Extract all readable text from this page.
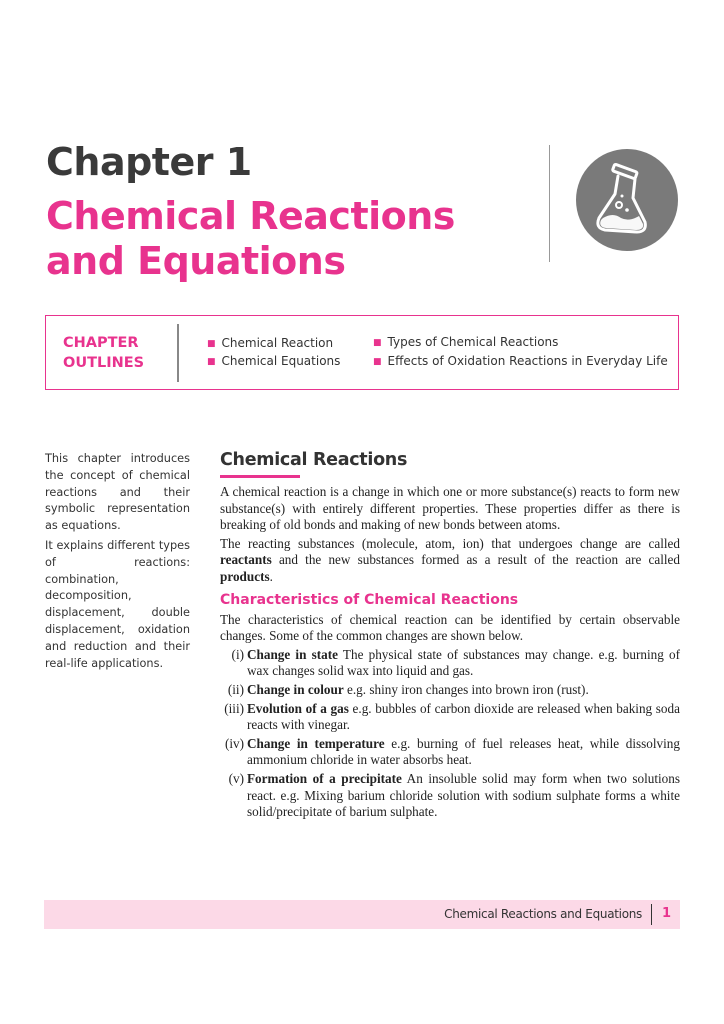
Chapter 1
Chemical Reactions and Equations
CHAPTER
OUTLINES
■ Chemical Reaction
■ Chemical Equations
■ Types of Chemical Reactions
■ Effects of Oxidation Reactions in Everyday Life

This chapter introduces the concept of chemical reactions and their symbolic representation as equations.

It explains different types of reactions: combination, decomposition, displacement, double displacement, oxidation and reduction and their real-life applications.

Chemical Reactions

A chemical reaction is a change in which one or more substance(s) reacts to form new substance(s) with entirely different properties. These properties differ as there is breaking of old bonds and making of new bonds between atoms.

The reacting substances (molecule, atom, ion) that undergoes change are called reactants and the new substances formed as a result of the reaction are called products.

Characteristics of Chemical Reactions

The characteristics of chemical reaction can be identified by certain observable changes. Some of the common changes are shown below.

(i) Change in state The physical state of substances may change. e.g. burning of wax changes solid wax into liquid and gas.
(ii) Change in colour e.g. shiny iron changes into brown iron (rust).
(iii) Evolution of a gas e.g. bubbles of carbon dioxide are released when baking soda reacts with vinegar.
(iv) Change in temperature e.g. burning of fuel releases heat, while dissolving ammonium chloride in water absorbs heat.
(v) Formation of a precipitate An insoluble solid may form when two solutions react. e.g. Mixing barium chloride solution with sodium sulphate forms a white solid/precipitate of barium sulphate.
Chemical Reactions and Equations 1
